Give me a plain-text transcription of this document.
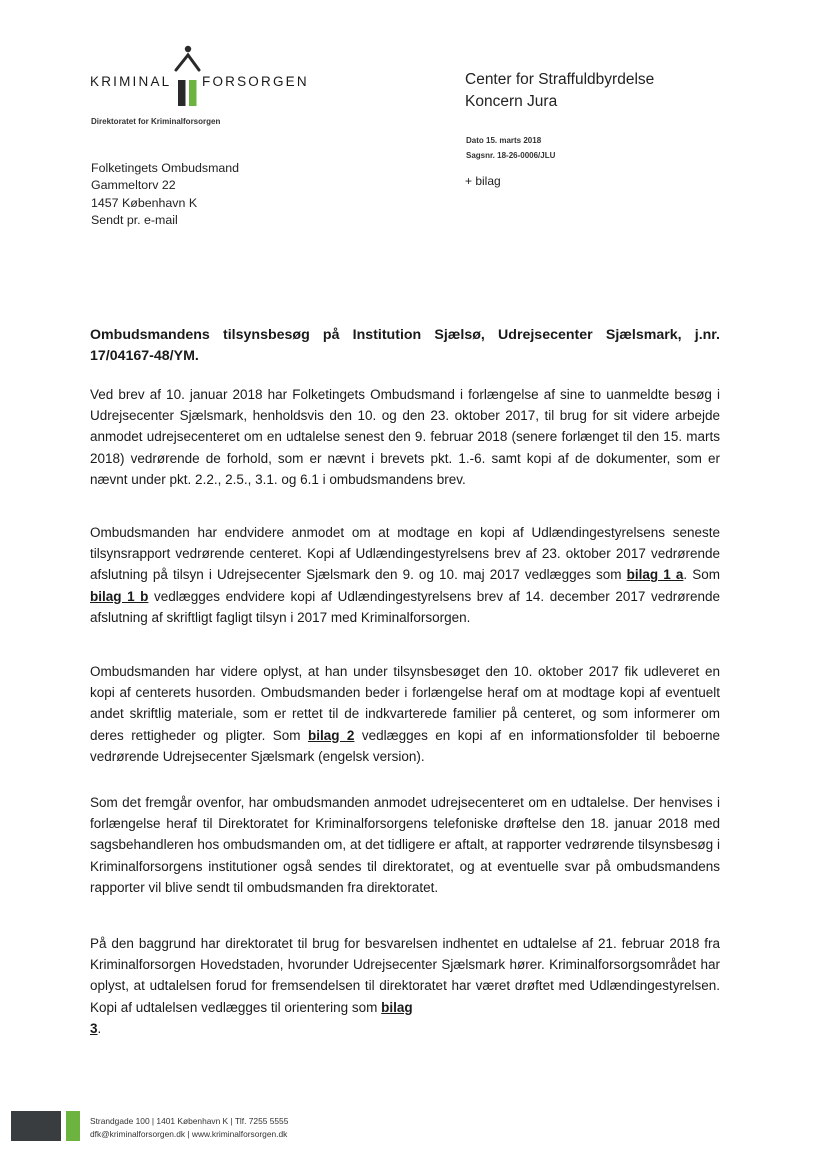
KRIMINAL FORSORGEN
Direktoratet for Kriminalforsorgen
Center for Straffuldbyrdelse
Koncern Jura
Dato 15. marts 2018
Sagsnr. 18-26-0006/JLU
+ bilag
Folketingets Ombudsmand
Gammeltorv 22
1457 København K
Sendt pr. e-mail
Ombudsmandens tilsynsbesøg på Institution Sjælsø, Udrejsecenter Sjælsmark, j.nr. 17/04167-48/YM.

Ved brev af 10. januar 2018 har Folketingets Ombudsmand i forlængelse af sine to uanmeldte besøg i Udrejsecenter Sjælsmark, henholdsvis den 10. og den 23. oktober 2017, til brug for sit videre arbejde anmodet udrejsecenteret om en udtalelse senest den 9. februar 2018 (senere forlænget til den 15. marts 2018) vedrørende de forhold, som er nævnt i brevets pkt. 1.-6. samt kopi af de dokumenter, som er nævnt under pkt. 2.2., 2.5., 3.1. og 6.1 i ombudsmandens brev.

Ombudsmanden har endvidere anmodet om at modtage en kopi af Udlændingestyrelsens seneste tilsynsrapport vedrørende centeret. Kopi af Udlændingestyrelsens brev af 23. oktober 2017 vedrørende afslutning på tilsyn i Udrejsecenter Sjælsmark den 9. og 10. maj 2017 vedlægges som bilag 1 a. Som bilag 1 b vedlægges endvidere kopi af Udlændingestyrelsens brev af 14. december 2017 vedrørende afslutning af skriftligt fagligt tilsyn i 2017 med Kriminalforsorgen.

Ombudsmanden har videre oplyst, at han under tilsynsbesøget den 10. oktober 2017 fik udleveret en kopi af centerets husorden. Ombudsmanden beder i forlængelse heraf om at modtage kopi af eventuelt andet skriftlig materiale, som er rettet til de indkvarterede familier på centeret, og som informerer om deres rettigheder og pligter. Som bilag 2 vedlægges en kopi af en informationsfolder til beboerne vedrørende Udrejsecenter Sjælsmark (engelsk version).

Som det fremgår ovenfor, har ombudsmanden anmodet udrejsecenteret om en udtalelse. Der henvises i forlængelse heraf til Direktoratet for Kriminalforsorgens telefoniske drøftelse den 18. januar 2018 med sagsbehandleren hos ombudsmanden om, at det tidligere er aftalt, at rapporter vedrørende tilsynsbesøg i Kriminalforsorgens institutioner også sendes til direktoratet, og at eventuelle svar på ombudsmandens rapporter vil blive sendt til ombudsmanden fra direktoratet.

På den baggrund har direktoratet til brug for besvarelsen indhentet en udtalelse af 21. februar 2018 fra Kriminalforsorgen Hovedstaden, hvorunder Udrejsecenter Sjælsmark hører. Kriminalforsorgsområdet har oplyst, at udtalelsen forud for fremsendelsen til direktoratet har været drøftet med Udlændingestyrelsen. Kopi af udtalelsen vedlægges til orientering som bilag
3.

Strandgade 100 | 1401 København K | Tlf. 7255 5555
dfk@kriminalforsorgen.dk | www.kriminalforsorgen.dk
